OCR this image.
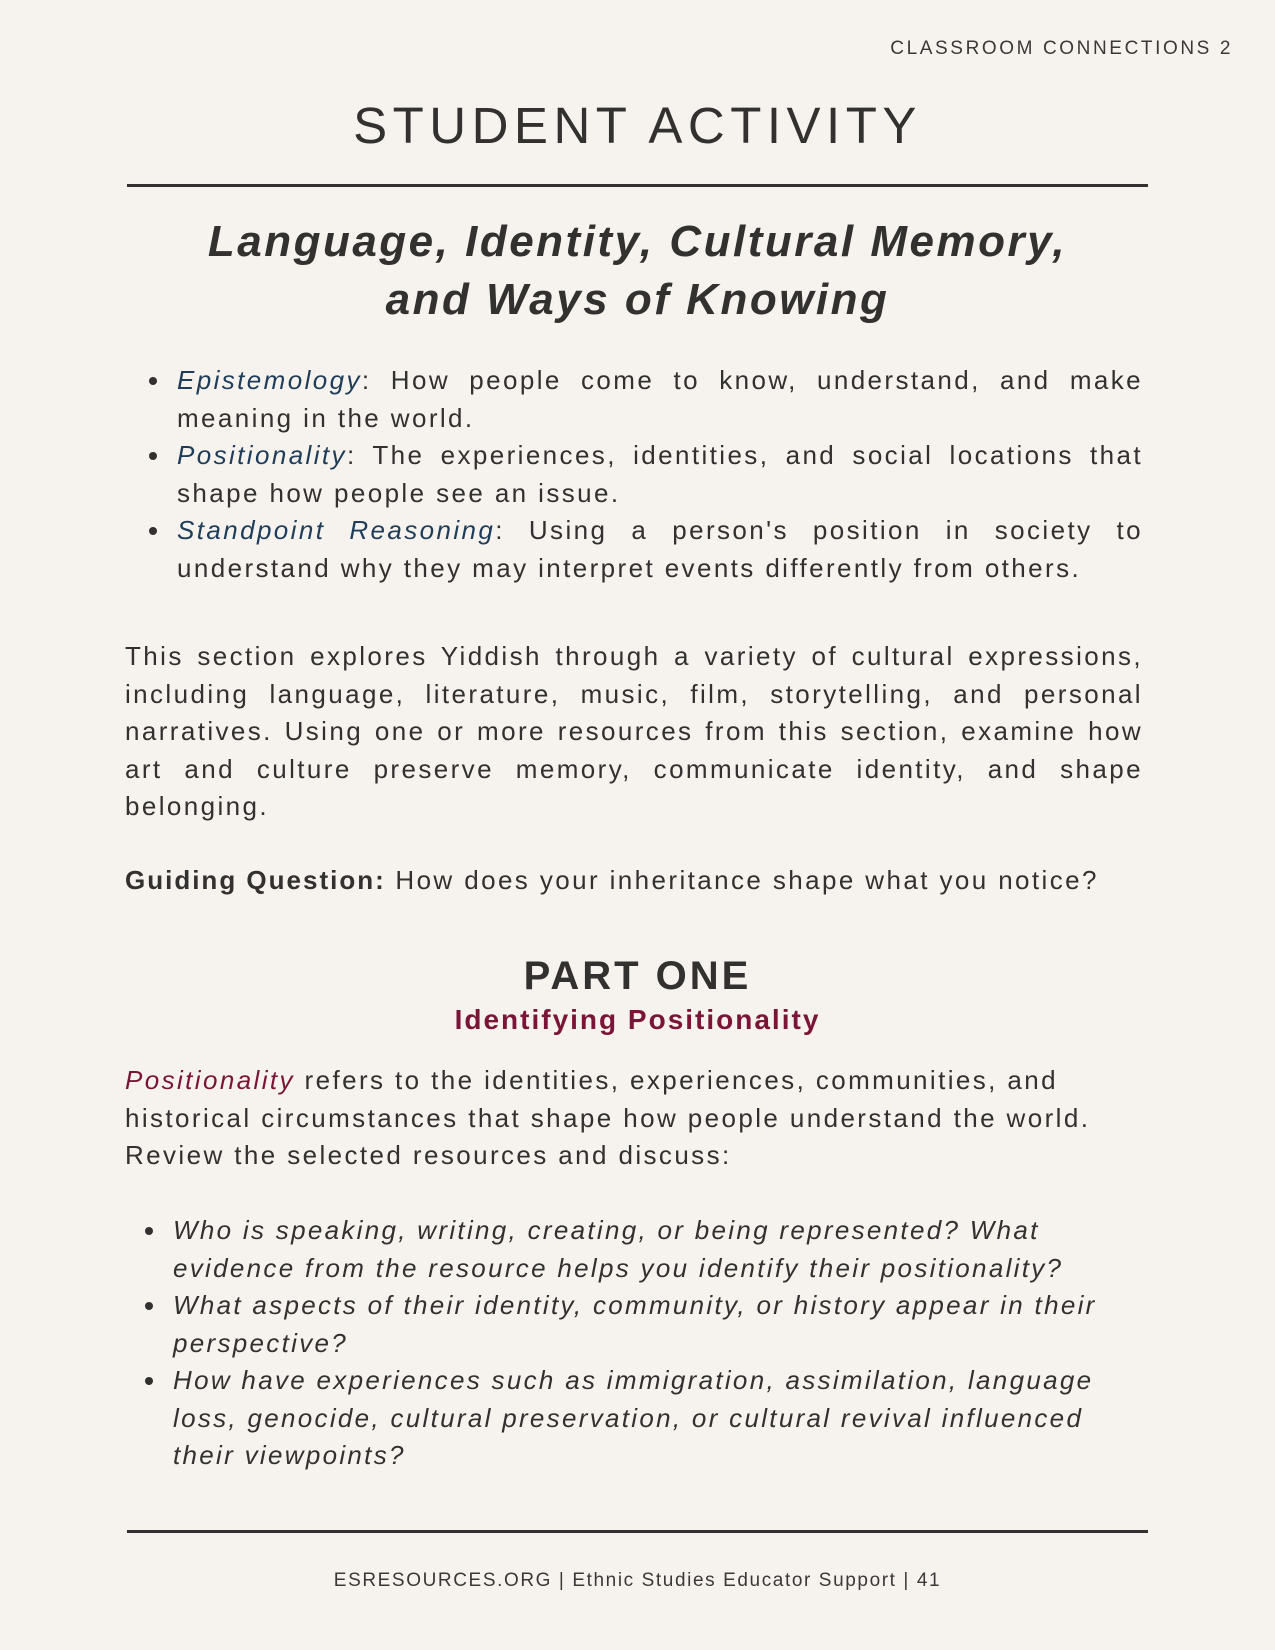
CLASSROOM CONNECTIONS 2
STUDENT ACTIVITY
Language, Identity, Cultural Memory,
and Ways of Knowing
Epistemology: How people come to know, understand, and make meaning in the world.
Positionality: The experiences, identities, and social locations that shape how people see an issue.
Standpoint Reasoning: Using a person's position in society to understand why they may interpret events differently from others.

This section explores Yiddish through a variety of cultural expressions, including language, literature, music, film, storytelling, and personal narratives. Using one or more resources from this section, examine how art and culture preserve memory, communicate identity, and shape belonging.

Guiding Question: How does your inheritance shape what you notice?

PART ONE
Identifying Positionality

Positionality refers to the identities, experiences, communities, and historical circumstances that shape how people understand the world. Review the selected resources and discuss:

Who is speaking, writing, creating, or being represented? What evidence from the resource helps you identify their positionality?
What aspects of their identity, community, or history appear in their perspective?
How have experiences such as immigration, assimilation, language loss, genocide, cultural preservation, or cultural revival influenced their viewpoints?
ESRESOURCES.ORG | Ethnic Studies Educator Support | 41
